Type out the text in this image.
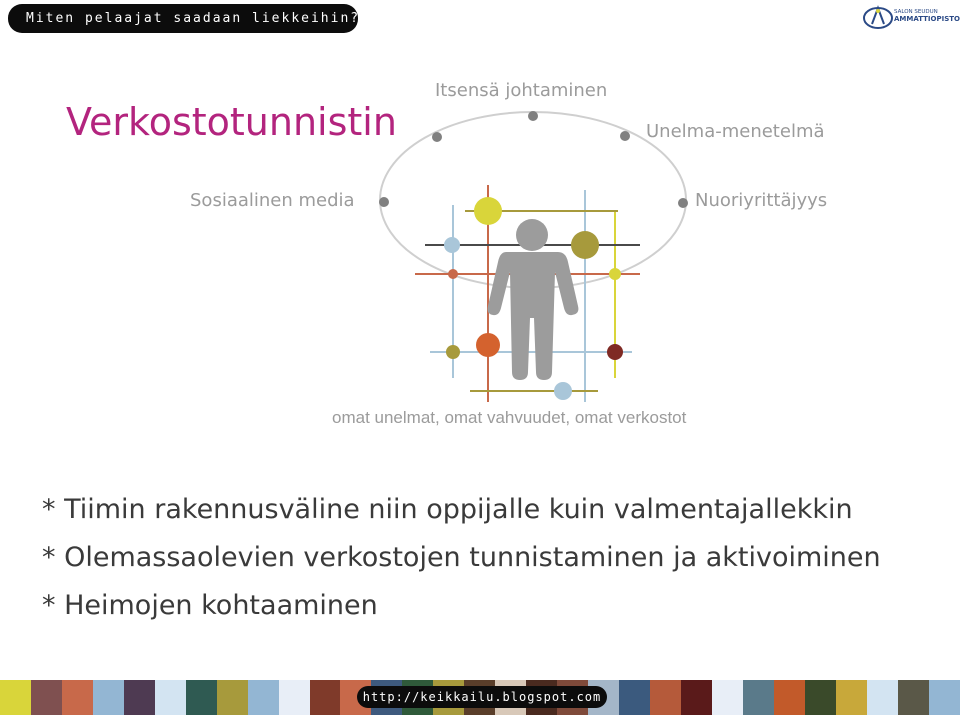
Miten pelaajat saadaan liekkeihin?	SALON SEUDUN
AMMATTIOPISTO
Verkostotunnistin
Itsensä johtaminen
Unelma-menetelmä
Sosiaalinen media	Nuoriyrittäjyys
omat unelmat, omat vahvuudet, omat verkostot
* Tiimin rakennusväline niin oppijalle kuin valmentajallekkin
* Olemassaolevien verkostojen tunnistaminen ja aktivoiminen
* Heimojen kohtaaminen
http://keikkailu.blogspot.com
